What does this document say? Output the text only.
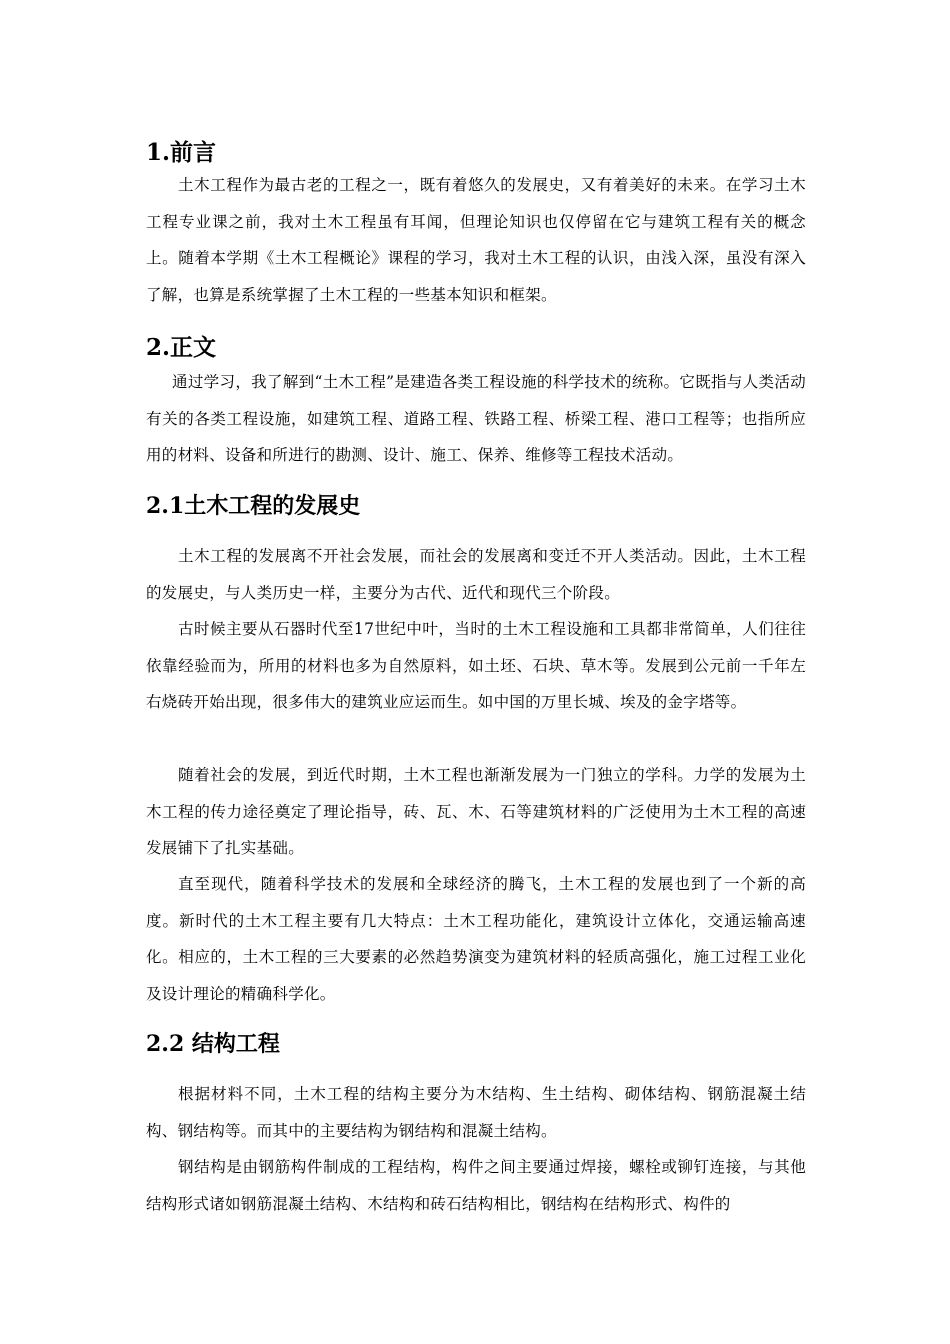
1.前言
土木工程作为最古老的工程之一，既有着悠久的发展史，又有着美好的未来。在学习土木工程专业课之前，我对土木工程虽有耳闻，但理论知识也仅停留在它与建筑工程有关的概念上。随着本学期《土木工程概论》课程的学习，我对土木工程的认识，由浅入深，虽没有深入了解，也算是系统掌握了土木工程的一些基本知识和框架。
2.正文
通过学习，我了解到“土木工程”是建造各类工程设施的科学技术的统称。它既指与人类活动有关的各类工程设施，如建筑工程、道路工程、铁路工程、桥梁工程、港口工程等；也指所应用的材料、设备和所进行的勘测、设计、施工、保养、维修等工程技术活动。
2.1土木工程的发展史
土木工程的发展离不开社会发展，而社会的发展离和变迁不开人类活动。因此，土木工程的发展史，与人类历史一样，主要分为古代、近代和现代三个阶段。
古时候主要从石器时代至17世纪中叶，当时的土木工程设施和工具都非常简单，人们往往依靠经验而为，所用的材料也多为自然原料，如土坯、石块、草木等。发展到公元前一千年左右烧砖开始出现，很多伟大的建筑业应运而生。如中国的万里长城、埃及的金字塔等。
随着社会的发展，到近代时期，土木工程也渐渐发展为一门独立的学科。力学的发展为土木工程的传力途径奠定了理论指导，砖、瓦、木、石等建筑材料的广泛使用为土木工程的高速发展铺下了扎实基础。
直至现代，随着科学技术的发展和全球经济的腾飞，土木工程的发展也到了一个新的高度。新时代的土木工程主要有几大特点：土木工程功能化，建筑设计立体化，交通运输高速化。相应的，土木工程的三大要素的必然趋势演变为建筑材料的轻质高强化，施工过程工业化及设计理论的精确科学化。
2.2 结构工程
根据材料不同，土木工程的结构主要分为木结构、生土结构、砌体结构、钢筋混凝土结构、钢结构等。而其中的主要结构为钢结构和混凝土结构。
钢结构是由钢筋构件制成的工程结构，构件之间主要通过焊接，螺栓或铆钉连接，与其他结构形式诸如钢筋混凝土结构、木结构和砖石结构相比，钢结构在结构形式、构件的
